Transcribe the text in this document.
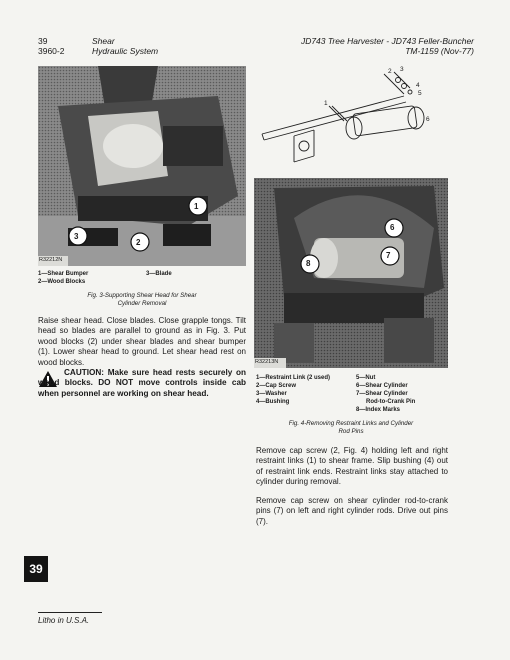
39
3960-2
Shear
Hydraulic System
JD743 Tree Harvester - JD743 Feller-Buncher
TM-1159 (Nov-77)
1
3
2
R32212N
1—Shear Bumper
2—Wood Blocks
3—Blade
Fig. 3-Supporting Shear Head for Shear
Cylinder Removal
Raise shear head. Close blades. Close grapple tongs. Tilt head so blades are parallel to ground as in Fig. 3. Put wood blocks (2) under shear blades and shear bumper (1). Lower shear head to ground. Let shear head rest on wood blocks.
CAUTION: Make sure head rests securely on wood blocks. DO NOT move controls inside cab when personnel are working on shear head.
1
2 3
4
5
6
6
7
8
R32213N
1—Restraint Link (2 used)
2—Cap Screw
3—Washer
4—Bushing
5—Nut
6—Shear Cylinder
7—Shear Cylinder
Rod-to-Crank Pin
8—Index Marks
Fig. 4-Removing Restraint Links and Cylinder
Rod Pins
Remove cap screw (2, Fig. 4) holding left and right restraint links (1) to shear frame. Slip bushing (4) out of restraint link ends. Restraint links stay attached to cylinder during removal.
Remove cap screw on shear cylinder rod-to-crank pins (7) on left and right cylinder rods. Drive out pins (7).
39
Litho in U.S.A.
